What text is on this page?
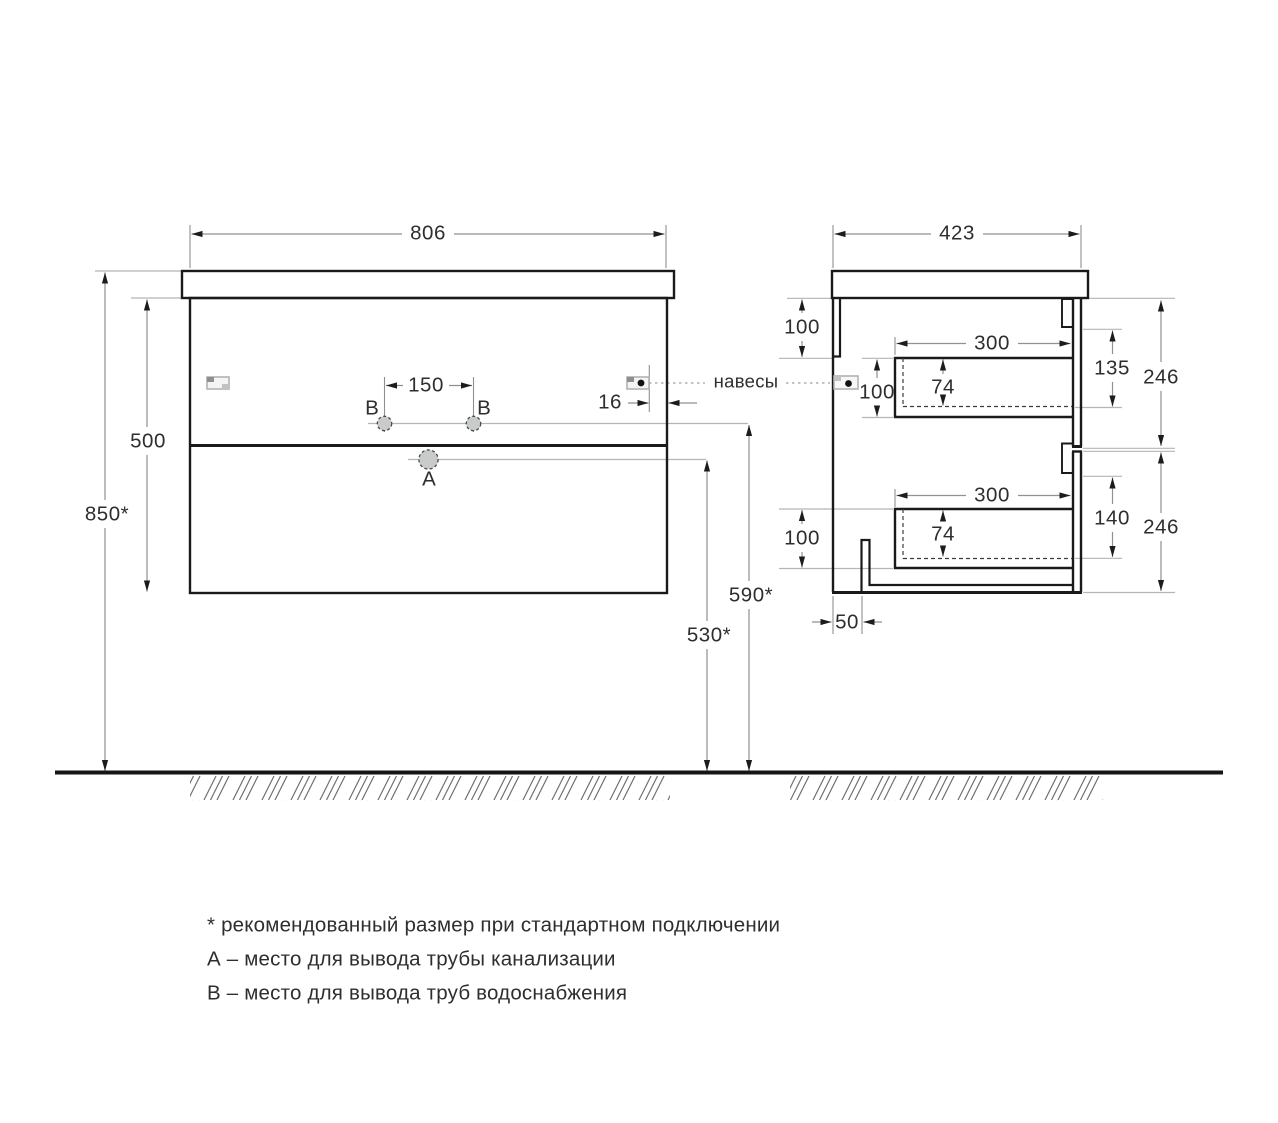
B	B
A
806	423
150
16
500
850*
590*
530*
навесы
100
100
100
300
74
135 246
300
74
140 246
50
* рекомендованный размер при стандартном подключении
А – место для вывода трубы канализации
В – место для вывода труб водоснабжения
